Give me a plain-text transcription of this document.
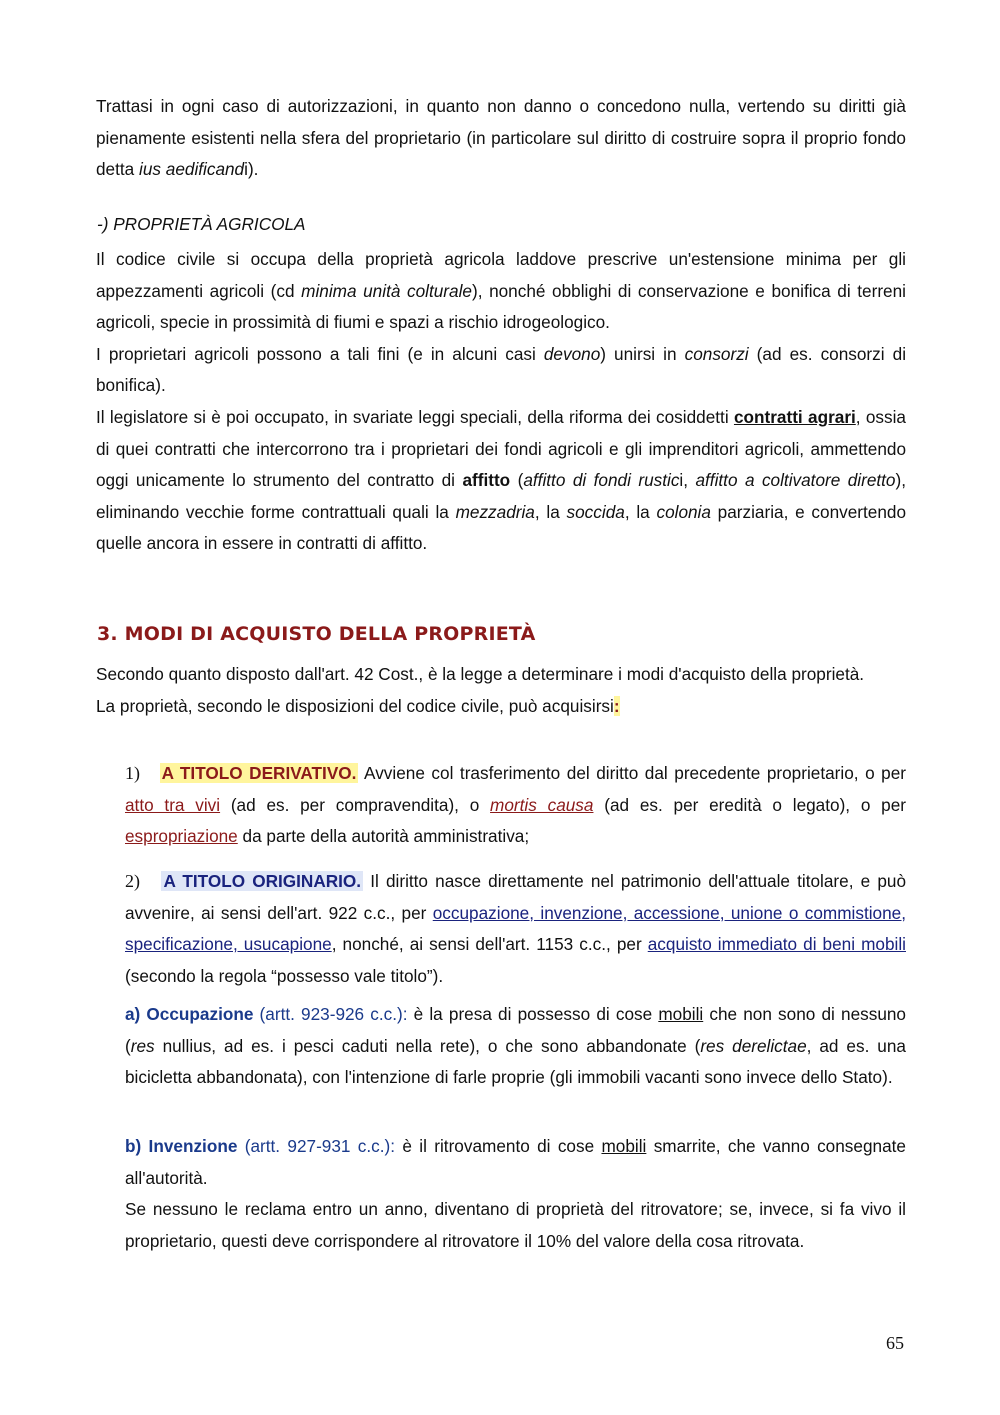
Trattasi in ogni caso di autorizzazioni, in quanto non danno o concedono nulla, vertendo su diritti già pienamente esistenti nella sfera del proprietario (in particolare sul diritto di costruire sopra il proprio fondo detta ius aedificandi).

-) PROPRIETÀ AGRICOLA

Il codice civile si occupa della proprietà agricola laddove prescrive un'estensione minima per gli appezzamenti agricoli (cd minima unità colturale), nonché obblighi di conservazione e bonifica di terreni agricoli, specie in prossimità di fiumi e spazi a rischio idrogeologico.

I proprietari agricoli possono a tali fini (e in alcuni casi devono) unirsi in consorzi (ad es. consorzi di bonifica).

Il legislatore si è poi occupato, in svariate leggi speciali, della riforma dei cosiddetti contratti agrari, ossia di quei contratti che intercorrono tra i proprietari dei fondi agricoli e gli imprenditori agricoli, ammettendo oggi unicamente lo strumento del contratto di affitto (affitto di fondi rustici, affitto a coltivatore diretto), eliminando vecchie forme contrattuali quali la mezzadria, la soccida, la colonia parziaria, e convertendo quelle ancora in essere in contratti di affitto.

3. MODI DI ACQUISTO DELLA PROPRIETÀ

Secondo quanto disposto dall'art. 42 Cost., è la legge a determinare i modi d'acquisto della proprietà.

La proprietà, secondo le disposizioni del codice civile, può acquisirsi:

1) A TITOLO DERIVATIVO. Avviene col trasferimento del diritto dal precedente proprietario, o per atto tra vivi (ad es. per compravendita), o mortis causa (ad es. per eredità o legato), o per espropriazione da parte della autorità amministrativa;

2) A TITOLO ORIGINARIO. Il diritto nasce direttamente nel patrimonio dell'attuale titolare, e può avvenire, ai sensi dell'art. 922 c.c., per occupazione, invenzione, accessione, unione o commistione, specificazione, usucapione, nonché, ai sensi dell'art. 1153 c.c., per acquisto immediato di beni mobili (secondo la regola “possesso vale titolo”).

a) Occupazione (artt. 923-926 c.c.): è la presa di possesso di cose mobili che non sono di nessuno (res nullius, ad es. i pesci caduti nella rete), o che sono abbandonate (res derelictae, ad es. una bicicletta abbandonata), con l'intenzione di farle proprie (gli immobili vacanti sono invece dello Stato).

b) Invenzione (artt. 927-931 c.c.): è il ritrovamento di cose mobili smarrite, che vanno consegnate all'autorità.

Se nessuno le reclama entro un anno, diventano di proprietà del ritrovatore; se, invece, si fa vivo il proprietario, questi deve corrispondere al ritrovatore il 10% del valore della cosa ritrovata.

65
